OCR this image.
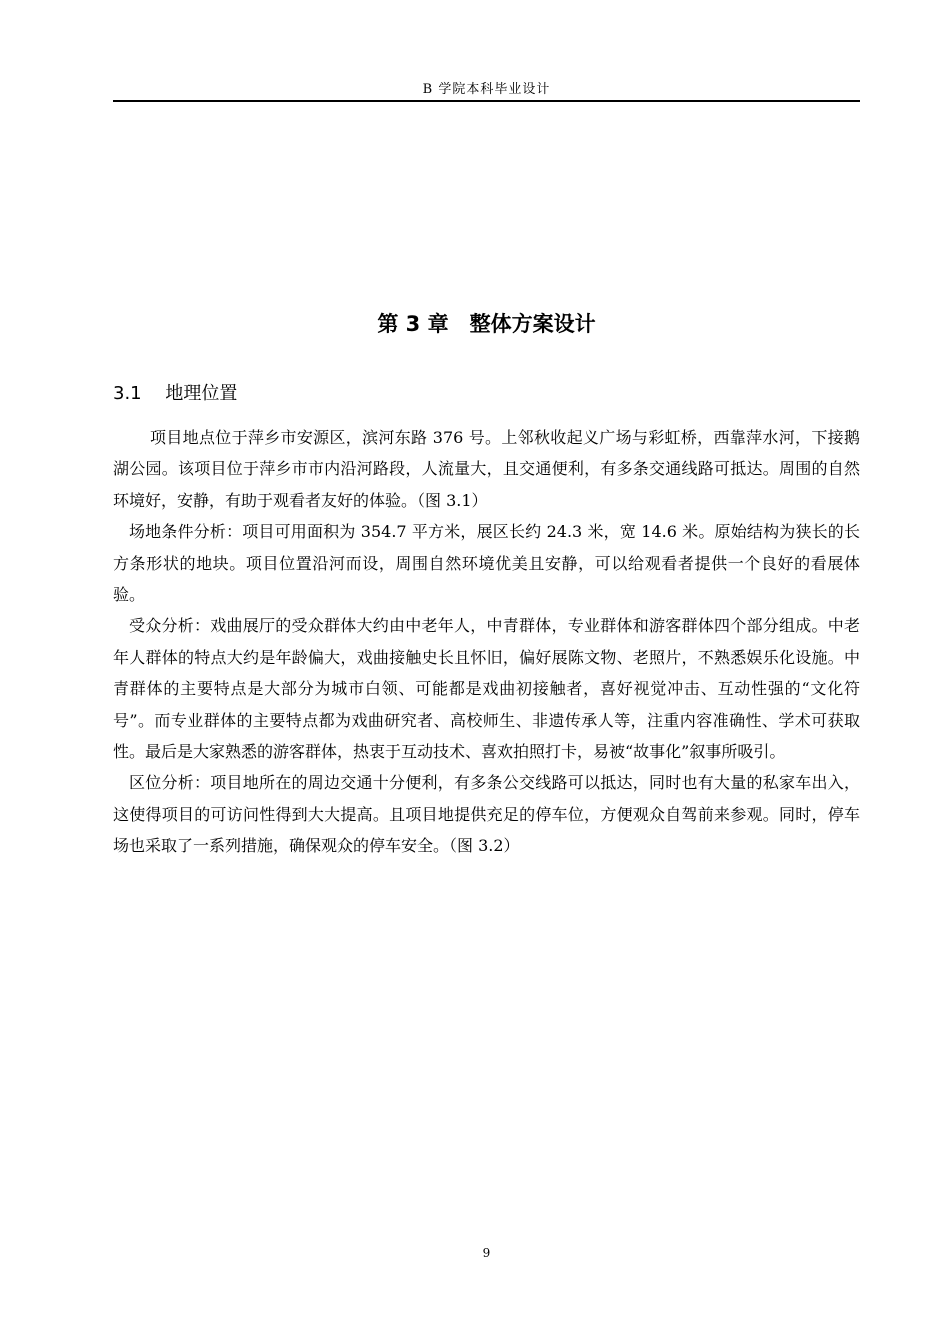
B 学院本科毕业设计
第 3 章　整体方案设计
3.1　 地理位置

项目地点位于萍乡市安源区，滨河东路 376 号。上邻秋收起义广场与彩虹桥，西靠萍水河，下接鹅湖公园。该项目位于萍乡市市内沿河路段，人流量大，且交通便利，有多条交通线路可抵达。周围的自然环境好，安静，有助于观看者友好的体验。（图 3.1）

场地条件分析：项目可用面积为 354.7 平方米，展区长约 24.3 米，宽 14.6 米。原始结构为狭长的长方条形状的地块。项目位置沿河而设，周围自然环境优美且安静，可以给观看者提供一个良好的看展体验。

受众分析：戏曲展厅的受众群体大约由中老年人，中青群体，专业群体和游客群体四个部分组成。中老年人群体的特点大约是年龄偏大，戏曲接触史长且怀旧，偏好展陈文物、老照片，不熟悉娱乐化设施。中青群体的主要特点是大部分为城市白领、可能都是戏曲初接触者，喜好视觉冲击、互动性强的“文化符号”。而专业群体的主要特点都为戏曲研究者、高校师生、非遗传承人等，注重内容准确性、学术可获取性。最后是大家熟悉的游客群体，热衷于互动技术、喜欢拍照打卡，易被“故事化”叙事所吸引。

区位分析：项目地所在的周边交通十分便利，有多条公交线路可以抵达，同时也有大量的私家车出入，这使得项目的可访问性得到大大提高。且项目地提供充足的停车位，方便观众自驾前来参观。同时，停车场也采取了一系列措施，确保观众的停车安全。（图 3.2）

9
